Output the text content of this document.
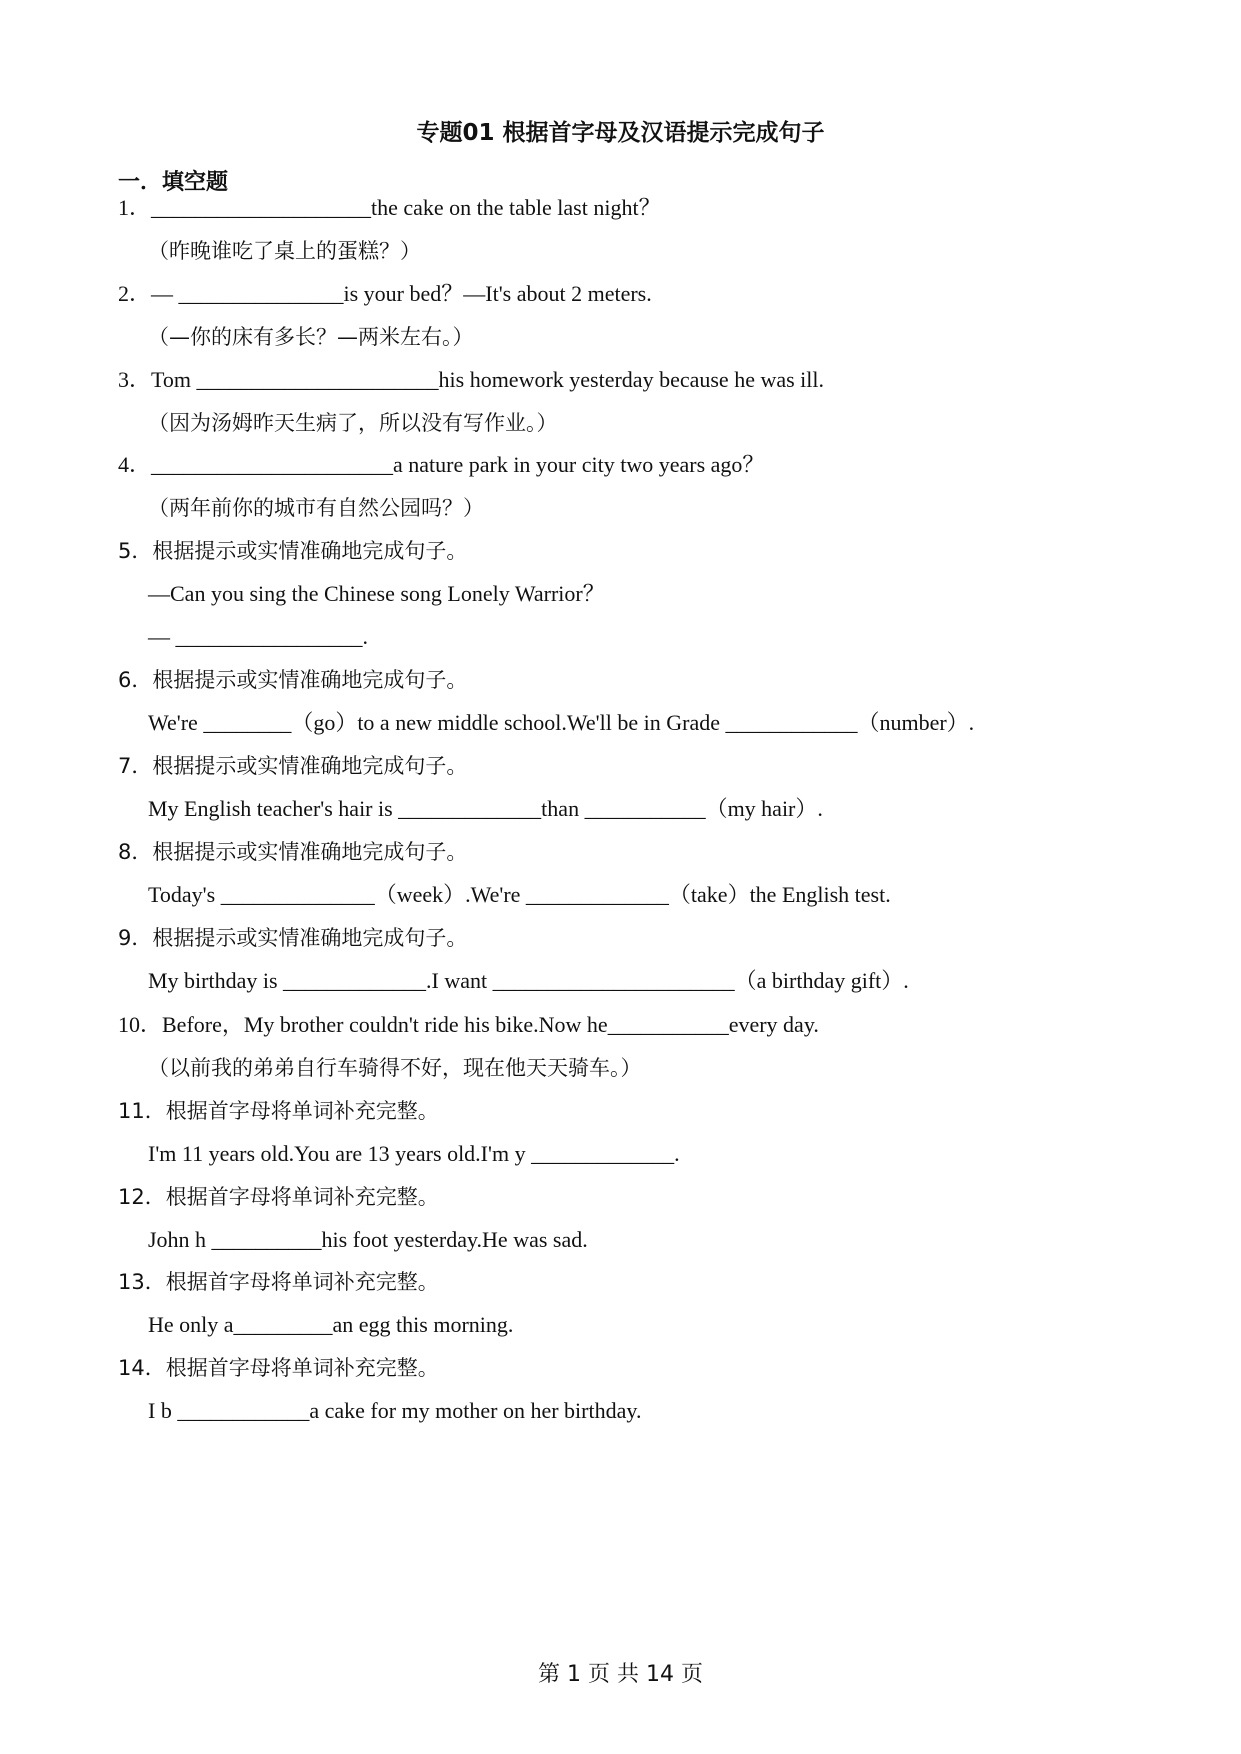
专题01 根据首字母及汉语提示完成句子
一．填空题
1．____________________the cake on the table last night？
（昨晚谁吃了桌上的蛋糕？）
2．— _______________is your bed？—It's about 2 meters.
（—你的床有多长？—两米左右。）
3．Tom ______________________his homework yesterday because he was ill.
（因为汤姆昨天生病了，所以没有写作业。）
4．______________________a nature park in your city two years ago？
（两年前你的城市有自然公园吗？）
5．根据提示或实情准确地完成句子。
—Can you sing the Chinese song Lonely Warrior？
— _________________.
6．根据提示或实情准确地完成句子。
We're ________（go）to a new middle school.We'll be in Grade ____________（number）.
7．根据提示或实情准确地完成句子。
My English teacher's hair is _____________than ___________（my hair）.
8．根据提示或实情准确地完成句子。
Today's ______________（week）.We're _____________（take）the English test.
9．根据提示或实情准确地完成句子。
My birthday is _____________.I want ______________________（a birthday gift）.
10．Before，My brother couldn't ride his bike.Now he___________every day.
（以前我的弟弟自行车骑得不好，现在他天天骑车。）
11．根据首字母将单词补充完整。
I'm 11 years old.You are 13 years old.I'm y _____________.
12．根据首字母将单词补充完整。
John h __________his foot yesterday.He was sad.
13．根据首字母将单词补充完整。
He only a_________an egg this morning.
14．根据首字母将单词补充完整。
I b ____________a cake for my mother on her birthday.
第 1 页 共 14 页
